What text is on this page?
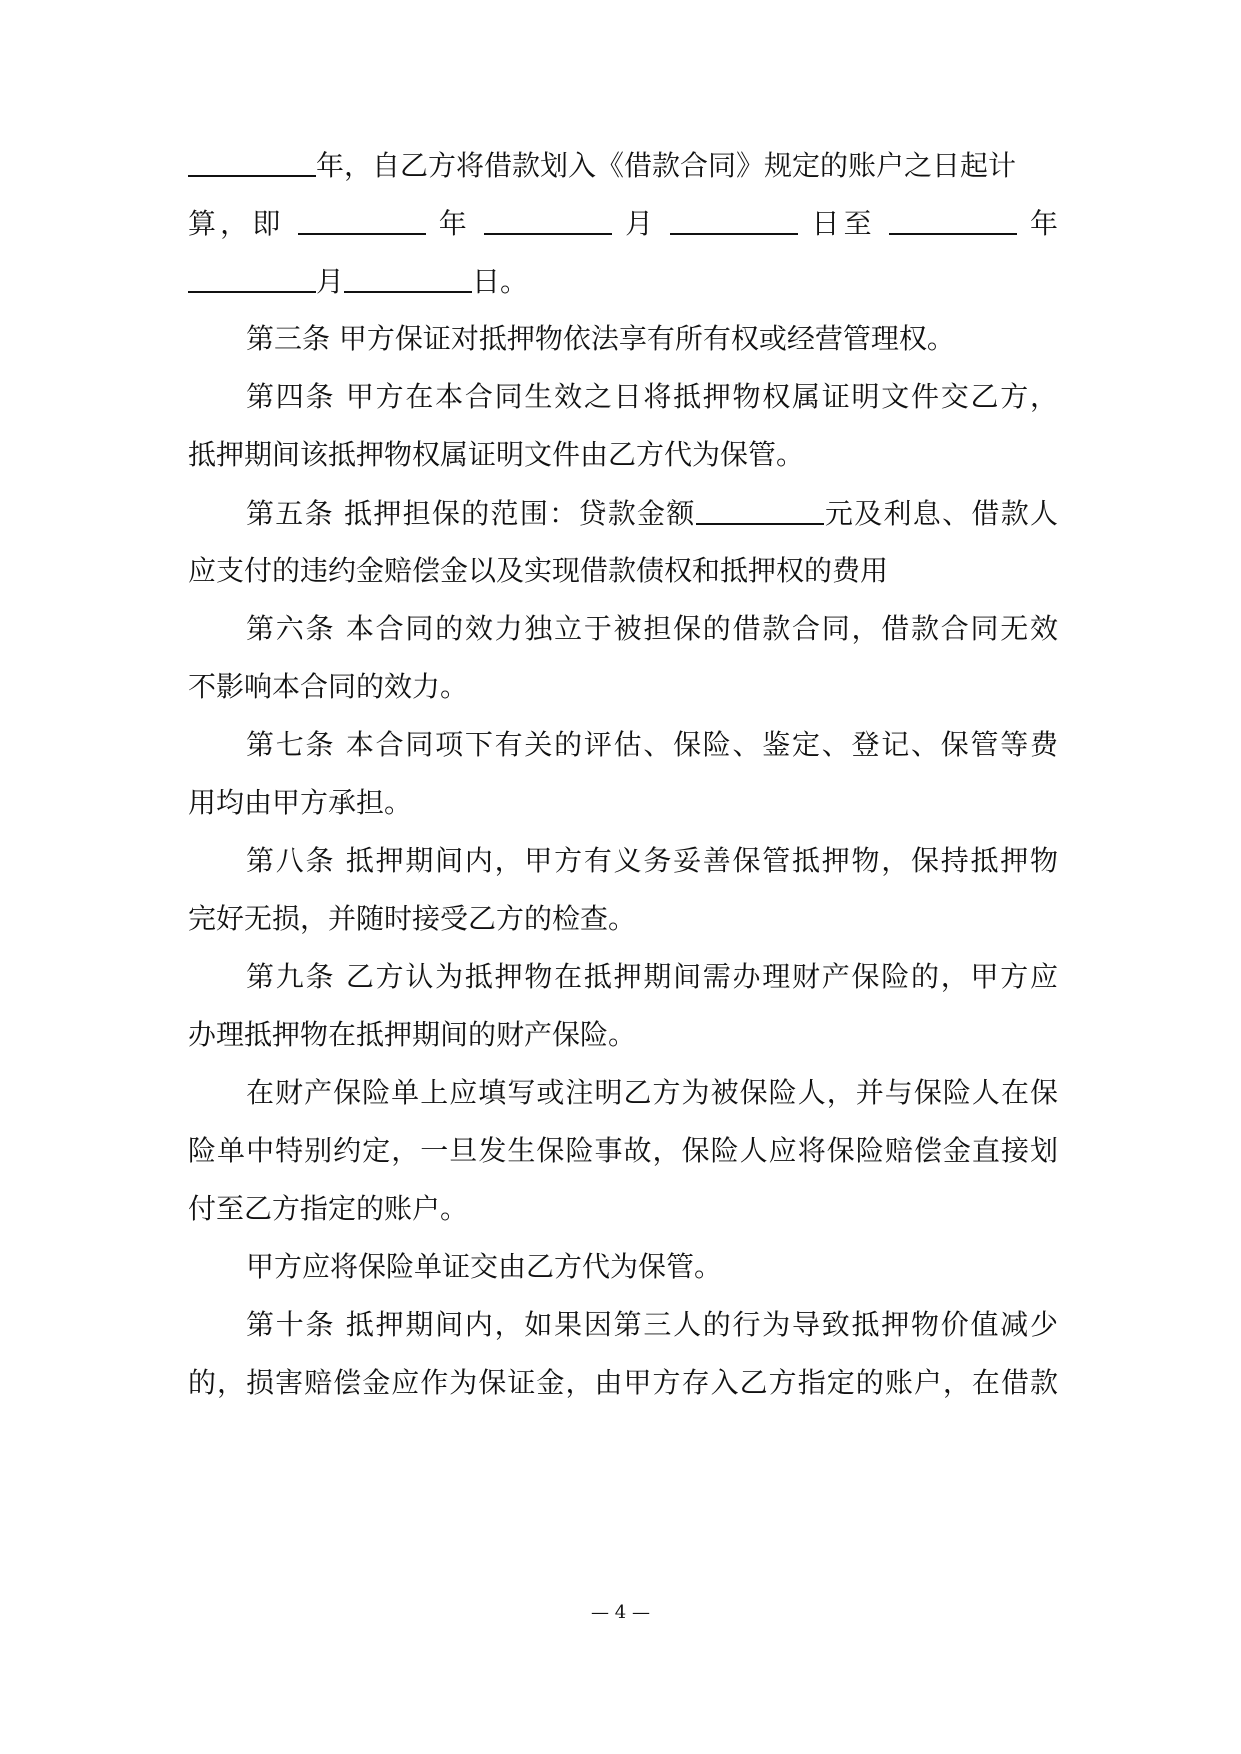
年，自乙方将借款划入《借款合同》规定的账户之日起计
算，即	年	月	日至	年
月	日。
第三条 甲方保证对抵押物依法享有所有权或经营管理权。
第四条 甲方在本合同生效之日将抵押物权属证明文件交乙方，
抵押期间该抵押物权属证明文件由乙方代为保管。
第五条 抵押担保的范围：贷款金额	元及利息、借款人
应支付的违约金赔偿金以及实现借款债权和抵押权的费用
第六条 本合同的效力独立于被担保的借款合同，借款合同无效
不影响本合同的效力。
第七条 本合同项下有关的评估、保险、鉴定、登记、保管等费
用均由甲方承担。
第八条 抵押期间内，甲方有义务妥善保管抵押物，保持抵押物
完好无损，并随时接受乙方的检查。
第九条 乙方认为抵押物在抵押期间需办理财产保险的，甲方应
办理抵押物在抵押期间的财产保险。
在财产保险单上应填写或注明乙方为被保险人，并与保险人在保
险单中特别约定，一旦发生保险事故，保险人应将保险赔偿金直接划
付至乙方指定的账户。
甲方应将保险单证交由乙方代为保管。
第十条 抵押期间内，如果因第三人的行为导致抵押物价值减少
的，损害赔偿金应作为保证金，由甲方存入乙方指定的账户，在借款
— 4 —
